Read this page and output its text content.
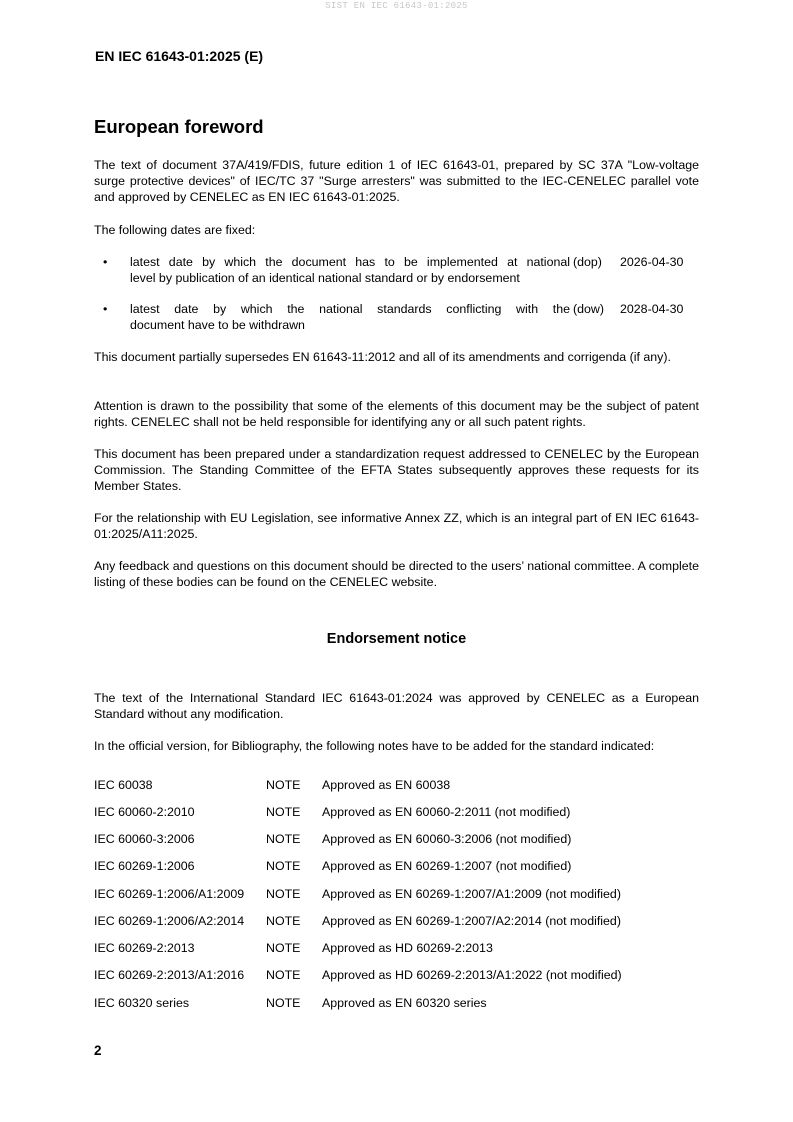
SIST EN IEC 61643-01:2025
EN IEC 61643-01:2025 (E)
European foreword

The text of document 37A/419/FDIS, future edition 1 of IEC 61643-01, prepared by SC 37A "Low-voltage surge protective devices" of IEC/TC 37 "Surge arresters" was submitted to the IEC-CENELEC parallel vote and approved by CENELEC as EN IEC 61643-01:2025.

The following dates are fixed:

• latest date by which the document has to be implemented at national
level by publication of an identical national standard or by endorsement
(dop) 2026-04-30
• latest date by which the national standards conflicting with the
document have to be withdrawn
(dow) 2028-04-30

This document partially supersedes EN 61643-11:2012 and all of its amendments and corrigenda (if any).

Attention is drawn to the possibility that some of the elements of this document may be the subject of patent rights. CENELEC shall not be held responsible for identifying any or all such patent rights.

This document has been prepared under a standardization request addressed to CENELEC by the European Commission. The Standing Committee of the EFTA States subsequently approves these requests for its Member States.

For the relationship with EU Legislation, see informative Annex ZZ, which is an integral part of EN IEC 61643-01:2025/A11:2025.

Any feedback and questions on this document should be directed to the users’ national committee. A complete listing of these bodies can be found on the CENELEC website.

Endorsement notice

The text of the International Standard IEC 61643-01:2024 was approved by CENELEC as a European Standard without any modification.

In the official version, for Bibliography, the following notes have to be added for the standard indicated:

IEC 60038	NOTE Approved as EN 60038
IEC 60060-2:2010	NOTE Approved as EN 60060-2:2011 (not modified)
IEC 60060-3:2006	NOTE Approved as EN 60060-3:2006 (not modified)
IEC 60269-1:2006	NOTE Approved as EN 60269-1:2007 (not modified)
IEC 60269-1:2006/A1:2009 NOTE Approved as EN 60269-1:2007/A1:2009 (not modified)
IEC 60269-1:2006/A2:2014 NOTE Approved as EN 60269-1:2007/A2:2014 (not modified)
IEC 60269-2:2013	NOTE Approved as HD 60269-2:2013
IEC 60269-2:2013/A1:2016 NOTE Approved as HD 60269-2:2013/A1:2022 (not modified)
IEC 60320 series	NOTE Approved as EN 60320 series
2
